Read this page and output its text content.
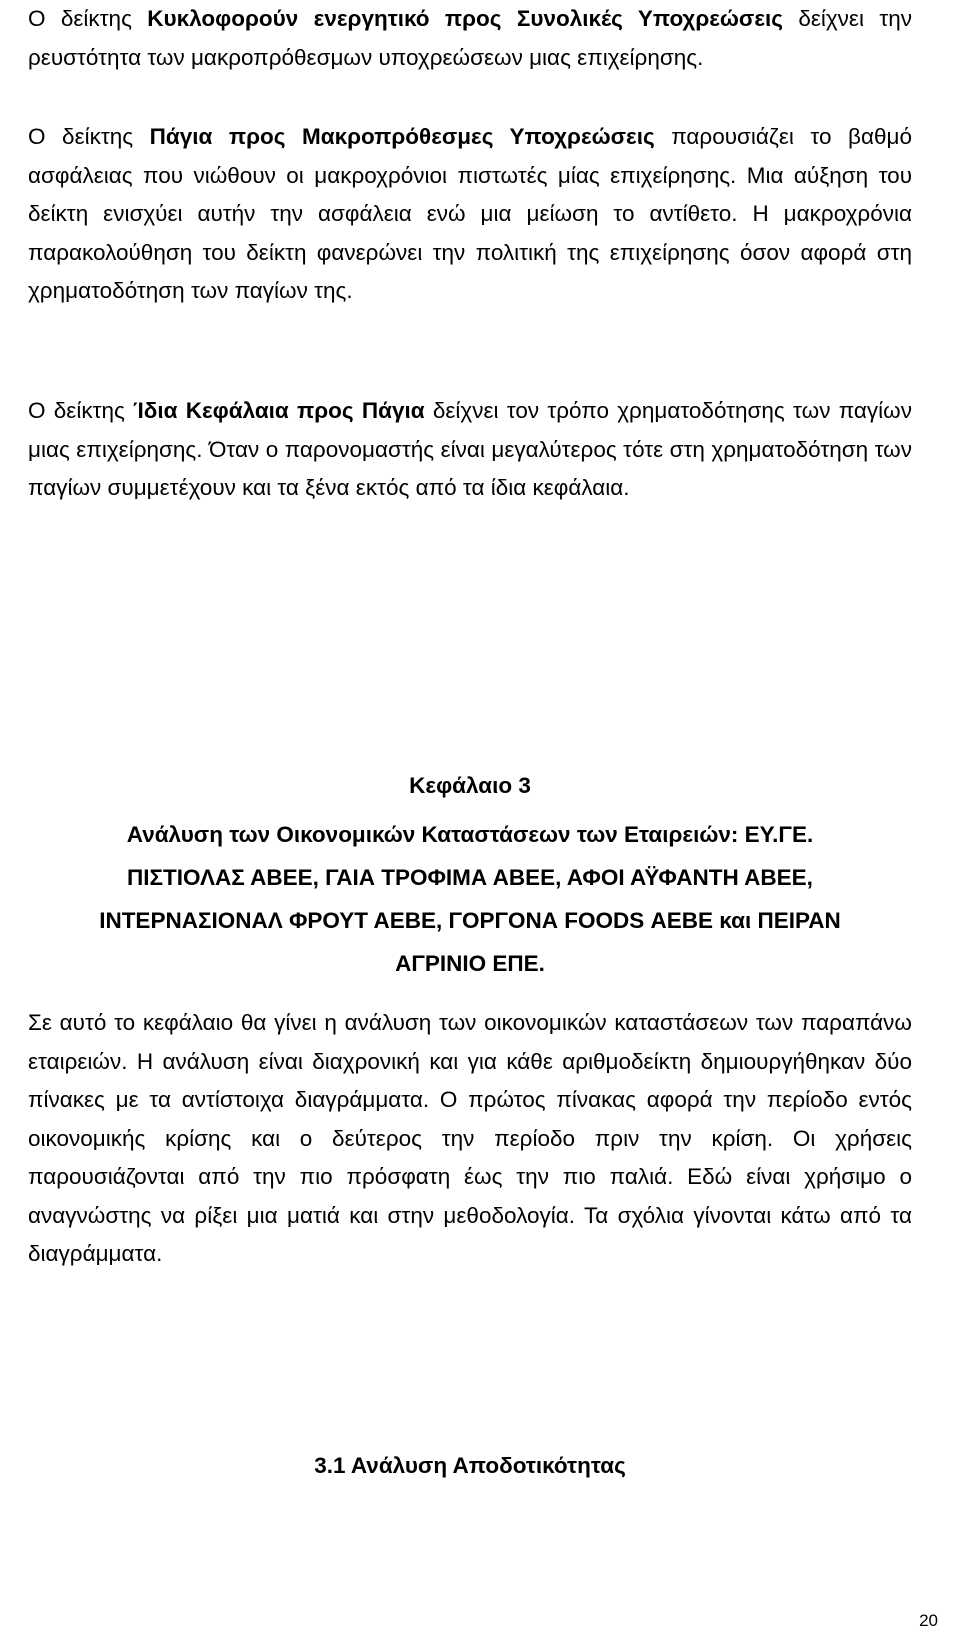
Ο δείκτης Κυκλοφορούν ενεργητικό προς Συνολικές Υποχρεώσεις δείχνει την ρευστότητα των μακροπρόθεσμων υποχρεώσεων μιας επιχείρησης.

Ο δείκτης Πάγια προς Μακροπρόθεσμες Υποχρεώσεις παρουσιάζει το βαθμό ασφάλειας που νιώθουν οι μακροχρόνιοι πιστωτές μίας επιχείρησης. Μια αύξηση του δείκτη ενισχύει αυτήν την ασφάλεια ενώ μια μείωση το αντίθετο. Η μακροχρόνια παρακολούθηση του δείκτη φανερώνει την πολιτική της επιχείρησης όσον αφορά στη χρηματοδότηση των παγίων της.

Ο δείκτης Ίδια Κεφάλαια προς Πάγια δείχνει τον τρόπο χρηματοδότησης των παγίων μιας επιχείρησης. Όταν ο παρονομαστής είναι μεγαλύτερος τότε στη χρηματοδότηση των παγίων συμμετέχουν και τα ξένα εκτός από τα ίδια κεφάλαια.

Κεφάλαιο 3
Ανάλυση των Οικονομικών Καταστάσεων των Εταιρειών: ΕΥ.ΓΕ.
ΠΙΣΤΙΟΛΑΣ ΑΒΕΕ, ΓΑΙΑ ΤΡΟΦΙΜΑ ΑΒΕΕ, ΑΦΟΙ ΑΫΦΑΝΤΗ ΑΒΕΕ,
ΙΝΤΕΡΝΑΣΙΟΝΑΛ ΦΡΟΥΤ ΑΕΒΕ, ΓΟΡΓΟΝΑ FOODS ΑΕΒΕ και ΠΕΙΡΑΝ
ΑΓΡΙΝΙΟ ΕΠΕ.

Σε αυτό το κεφάλαιο θα γίνει η ανάλυση των οικονομικών καταστάσεων των παραπάνω εταιρειών. Η ανάλυση είναι διαχρονική και για κάθε αριθμοδείκτη δημιουργήθηκαν δύο πίνακες με τα αντίστοιχα διαγράμματα. Ο πρώτος πίνακας αφορά την περίοδο εντός οικονομικής κρίσης και ο δεύτερος την περίοδο πριν την κρίση. Οι χρήσεις παρουσιάζονται από την πιο πρόσφατη έως την πιο παλιά. Εδώ είναι χρήσιμο ο αναγνώστης να ρίξει μια ματιά και στην μεθοδολογία. Τα σχόλια γίνονται κάτω από τα διαγράμματα.

3.1 Ανάλυση Αποδοτικότητας
20
